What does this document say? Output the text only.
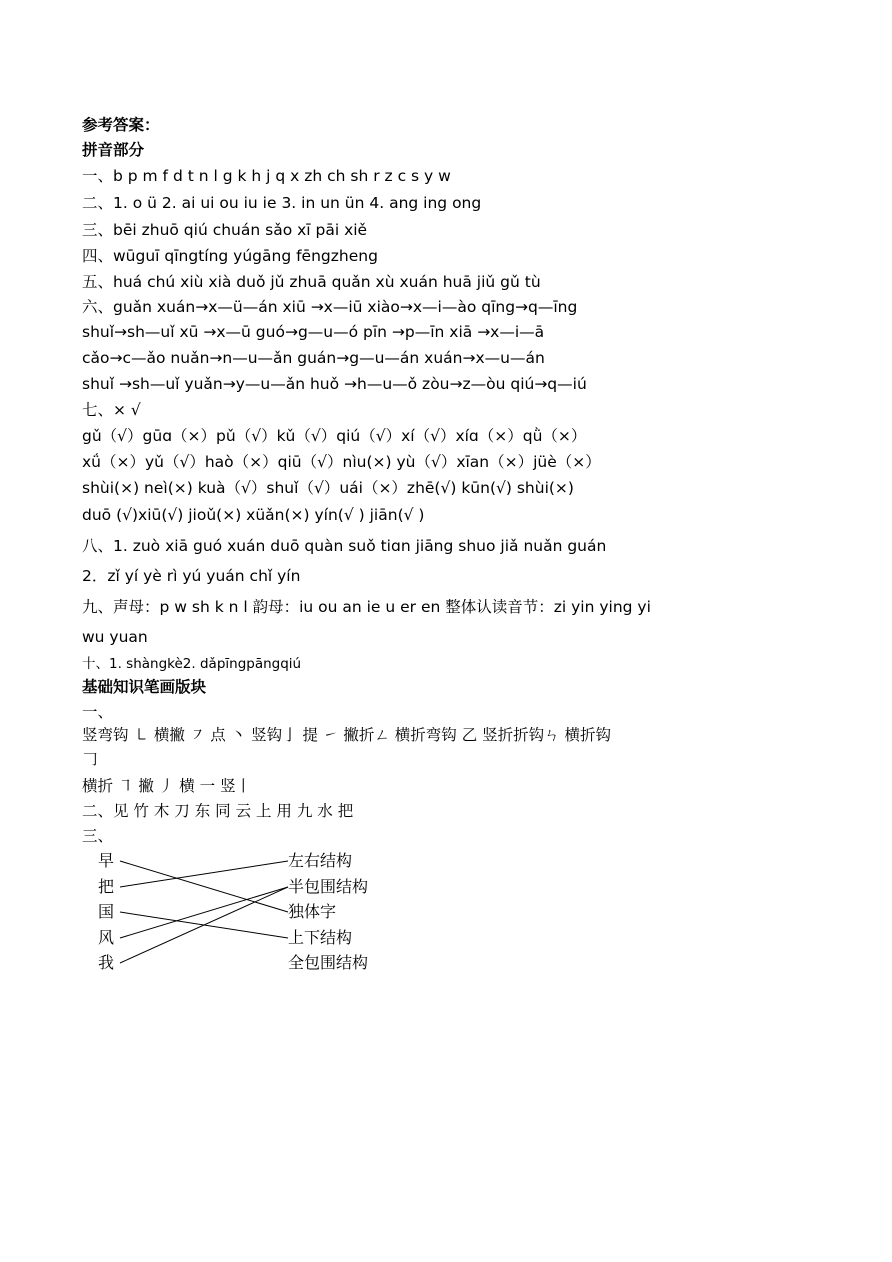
参考答案：
拼音部分
一、b p m f d t n l g k h j q x zh ch sh r z c s y w
二、1. o ü 2. ai ui ou iu ie 3. in un ün 4. ang ing ong
三、bēi zhuō qiú chuán sǎo xī pāi xiě
四、wūguī qīngtíng yúgāng fēngzheng
五、huá chú xiù xià duǒ jǔ zhuā quǎn xù xuán huā jiǔ gǔ tù
六、guǎn xuán→x—ü—án xiū →x—iū xiào→x—i—ào qīng→q—īng
shuǐ→sh—uǐ xū →x—ū guó→g—u—ó pīn →p—īn xiā →x—i—ā
cǎo→c—ǎo nuǎn→n—u—ǎn guán→g—u—án xuán→x—u—án
shuǐ →sh—uǐ yuǎn→y—u—ǎn huǒ →h—u—ǒ zòu→z—òu qiú→q—iú
七、× √
gǔ（√）gūɑ（×）pǔ（√）kǔ（√）qiú（√）xí（√）xíɑ（×）qǜ（×）
xǘ（×）yǔ（√）haò（×）qiū（√）nìu(×) yù（√）xīan（×）jüè（×）
shùi(×) neì(×) kuà（√）shuǐ（√）uái（×）zhē(√) kūn(√) shùi(×)
duō (√)xiū(√) jioǔ(×) xüǎn(×) yín(√ ) jiān(√ )
八、1. zuò xiā guó xuán duō quàn suǒ tiɑn jiāng shuo jiǎ nuǎn guán
2．zǐ yí yè rì yú yuán chǐ yín
九、声母：p w sh k n l 韵母：iu ou an ie u er en 整体认读音节：zi yin ying yi
wu yuan
十、1. shàngkè2. dǎpīngpāngqiú
基础知识笔画版块
一、
竖弯钩 ㇄ 横撇 ㇇ 点 丶 竖钩亅 提 ㇀ 撇折ㄥ 横折弯钩 乙 竖折折钩ㄣ 横折钩
𠃌
横折 ㇕ 撇 丿 横 一 竖丨
二、见 竹 木 刀 东 同 云 上 用 九 水 把
三、
早
把
国
风
我
左右结构
半包围结构
独体字
上下结构
全包围结构
